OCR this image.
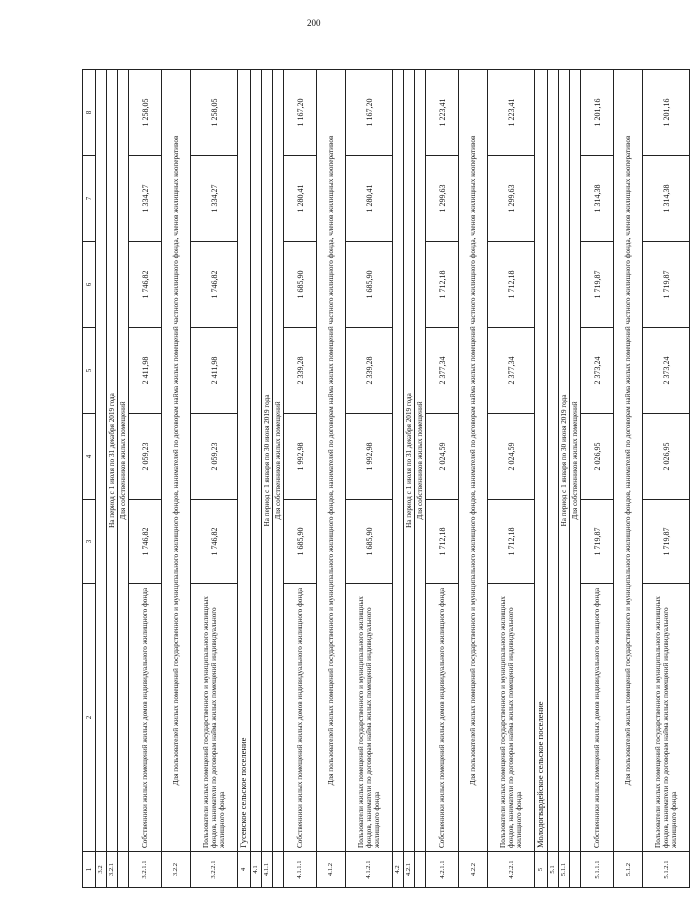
200
1	2	3	4	5	6	7	8
3.2							
3.2.1	На период с 1 июля по 31 декабря 2019 года						
	Для собственников жилых помещений						
3.2.1.1	Собственники жилых помещений жилых домов индивидуального жилищного фонда	1 746,82	2 059,23	2 411,98	1 746,82	1 334,27	1 258,05
3.2.2	Для пользователей жилых помещений государственного и муниципального жилищного фондов, нанимателей по договорам найма жилых помещений частного жилищного фонда, членов жилищных кооперативов						
3.2.2.1	Пользователи жилых помещений государственного и муниципального жилищных фондов, наниматели по договорам найма жилых помещений индивидуального жилищного фонда	1 746,82	2 059,23	2 411,98	1 746,82	1 334,27	1 258,05
4	Гусевское сельское поселение						
4.1							
4.1.1	На период с 1 января по 30 июня 2019 года						
	Для собственников жилых помещений						
4.1.1.1	Собственники жилых помещений жилых домов индивидуального жилищного фонда	1 685,90	1 992,98	2 339,28	1 685,90	1 280,41	1 167,20
4.1.2	Для пользователей жилых помещений государственного и муниципального жилищного фондов, нанимателей по договорам найма жилых помещений частного жилищного фонда, членов жилищных кооперативов						
4.1.2.1	Пользователи жилых помещений государственного и муниципального жилищных фондов, наниматели по договорам найма жилых помещений индивидуального жилищного фонда	1 685,90	1 992,98	2 339,28	1 685,90	1 280,41	1 167,20
4.2							
4.2.1	На период с 1 июля по 31 декабря 2019 года						
	Для собственников жилых помещений						
4.2.1.1	Собственники жилых помещений жилых домов индивидуального жилищного фонда	1 712,18	2 024,59	2 377,34	1 712,18	1 299,63	1 223,41
4.2.2	Для пользователей жилых помещений государственного и муниципального жилищного фондов, нанимателей по договорам найма жилых помещений частного жилищного фонда, членов жилищных кооперативов						
4.2.2.1	Пользователи жилых помещений государственного и муниципального жилищных фондов, наниматели по договорам найма жилых помещений индивидуального жилищного фонда	1 712,18	2 024,59	2 377,34	1 712,18	1 299,63	1 223,41
5	Молодогвардейское сельское поселение						
5.1							
5.1.1	На период с 1 января по 30 июня 2019 года						
	Для собственников жилых помещений						
5.1.1.1	Собственники жилых помещений жилых домов индивидуального жилищного фонда	1 719,87	2 026,95	2 373,24	1 719,87	1 314,38	1 201,16
5.1.2	Для пользователей жилых помещений государственного и муниципального жилищного фондов, нанимателей по договорам найма жилых помещений частного жилищного фонда, членов жилищных кооперативов						
5.1.2.1	Пользователи жилых помещений государственного и муниципального жилищных фондов, наниматели по договорам найма жилых помещений индивидуального жилищного фонда	1 719,87	2 026,95	2 373,24	1 719,87	1 314,38	1 201,16
